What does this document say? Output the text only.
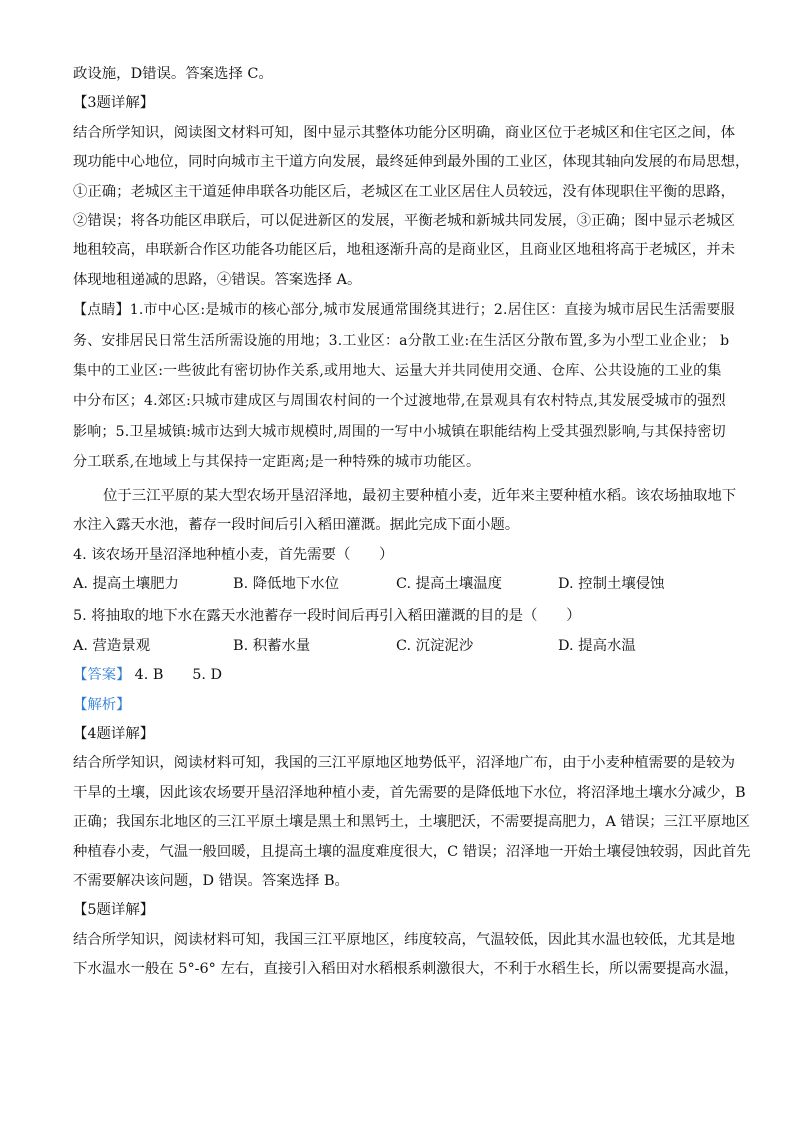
政设施，D错误。答案选择 C。

【3题详解】

结合所学知识，阅读图文材料可知，图中显示其整体功能分区明确，商业区位于老城区和住宅区之间，体

现功能中心地位，同时向城市主干道方向发展，最终延伸到最外围的工业区，体现其轴向发展的布局思想，

①正确；老城区主干道延伸串联各功能区后，老城区在工业区居住人员较远，没有体现职住平衡的思路，

②错误；将各功能区串联后，可以促进新区的发展，平衡老城和新城共同发展，③正确；图中显示老城区

地租较高，串联新合作区功能各功能区后，地租逐渐升高的是商业区，且商业区地租将高于老城区，并未

体现地租递减的思路，④错误。答案选择 A。

【点睛】1.市中心区:是城市的核心部分,城市发展通常围绕其进行；2.居住区：直接为城市居民生活需要服

务、安排居民日常生活所需设施的用地；3.工业区：a分散工业:在生活区分散布置,多为小型工业企业； b

集中的工业区:一些彼此有密切协作关系,或用地大、运量大并共同使用交通、仓库、公共设施的工业的集

中分布区；4.郊区:只城市建成区与周围农村间的一个过渡地带,在景观具有农村特点,其发展受城市的强烈

影响；5.卫星城镇:城市达到大城市规模时,周围的一写中小城镇在职能结构上受其强烈影响,与其保持密切

分工联系,在地域上与其保持一定距离;是一种特殊的城市功能区。

位于三江平原的某大型农场开垦沼泽地，最初主要种植小麦，近年来主要种植水稻。该农场抽取地下

水注入露天水池，蓄存一段时间后引入稻田灌溉。据此完成下面小题。

4. 该农场开垦沼泽地种植小麦，首先需要（　　）

A. 提高土壤肥力	B. 降低地下水位	C. 提高土壤温度	D. 控制土壤侵蚀

5. 将抽取的地下水在露天水池蓄存一段时间后再引入稻田灌溉的目的是（　　）

A. 营造景观	B. 积蓄水量	C. 沉淀泥沙	D. 提高水温

【答案】 4. B　　5. D

【解析】

【4题详解】

结合所学知识，阅读材料可知，我国的三江平原地区地势低平，沼泽地广布，由于小麦种植需要的是较为

干旱的土壤，因此该农场要开垦沼泽地种植小麦，首先需要的是降低地下水位，将沼泽地土壤水分减少，B

正确；我国东北地区的三江平原土壤是黑土和黑钙土，土壤肥沃，不需要提高肥力，A 错误；三江平原地区

种植春小麦，气温一般回暖，且提高土壤的温度难度很大，C 错误；沼泽地一开始土壤侵蚀较弱，因此首先

不需要解决该问题，D 错误。答案选择 B。

【5题详解】

结合所学知识，阅读材料可知，我国三江平原地区，纬度较高，气温较低，因此其水温也较低，尤其是地

下水温水一般在 5°-6° 左右，直接引入稻田对水稻根系刺激很大，不利于水稻生长，所以需要提高水温，
